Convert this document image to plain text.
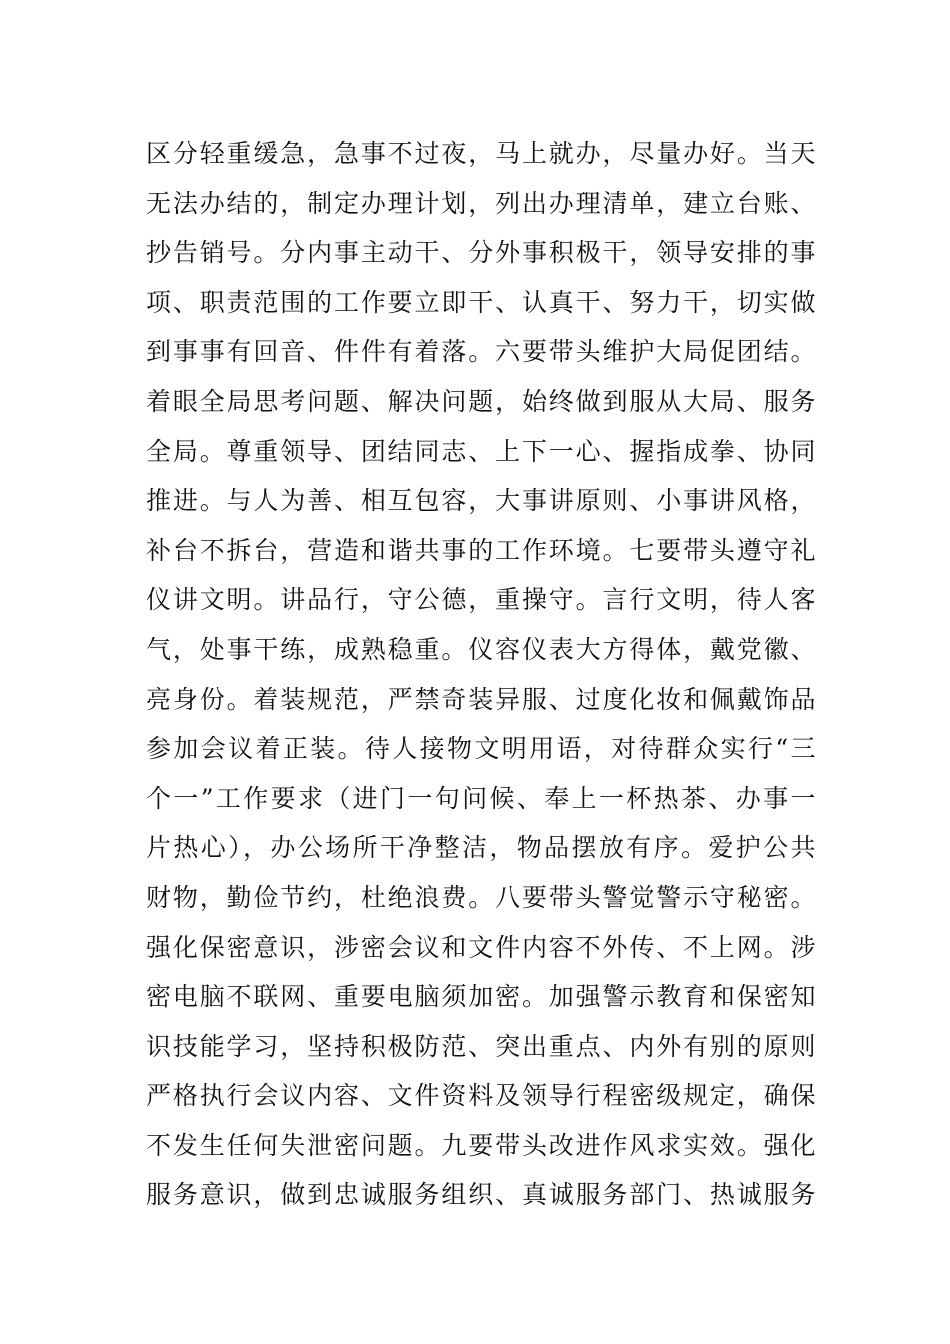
区分轻重缓急，急事不过夜，马上就办，尽量办好。当天
无法办结的，制定办理计划，列出办理清单，建立台账、
抄告销号。分内事主动干、分外事积极干，领导安排的事
项、职责范围的工作要立即干、认真干、努力干，切实做
到事事有回音、件件有着落。六要带头维护大局促团结。
着眼全局思考问题、解决问题，始终做到服从大局、服务
全局。尊重领导、团结同志、上下一心、握指成拳、协同
推进。与人为善、相互包容，大事讲原则、小事讲风格，
补台不拆台，营造和谐共事的工作环境。七要带头遵守礼
仪讲文明。讲品行，守公德，重操守。言行文明，待人客
气，处事干练，成熟稳重。仪容仪表大方得体，戴党徽、
亮身份。着装规范，严禁奇装异服、过度化妆和佩戴饰品
参加会议着正装。待人接物文明用语，对待群众实行“三
个一”工作要求（进门一句问候、奉上一杯热茶、办事一
片热心），办公场所干净整洁，物品摆放有序。爱护公共
财物，勤俭节约，杜绝浪费。八要带头警觉警示守秘密。
强化保密意识，涉密会议和文件内容不外传、不上网。涉
密电脑不联网、重要电脑须加密。加强警示教育和保密知
识技能学习，坚持积极防范、突出重点、内外有别的原则
严格执行会议内容、文件资料及领导行程密级规定，确保
不发生任何失泄密问题。九要带头改进作风求实效。强化
服务意识，做到忠诚服务组织、真诚服务部门、热诚服务
